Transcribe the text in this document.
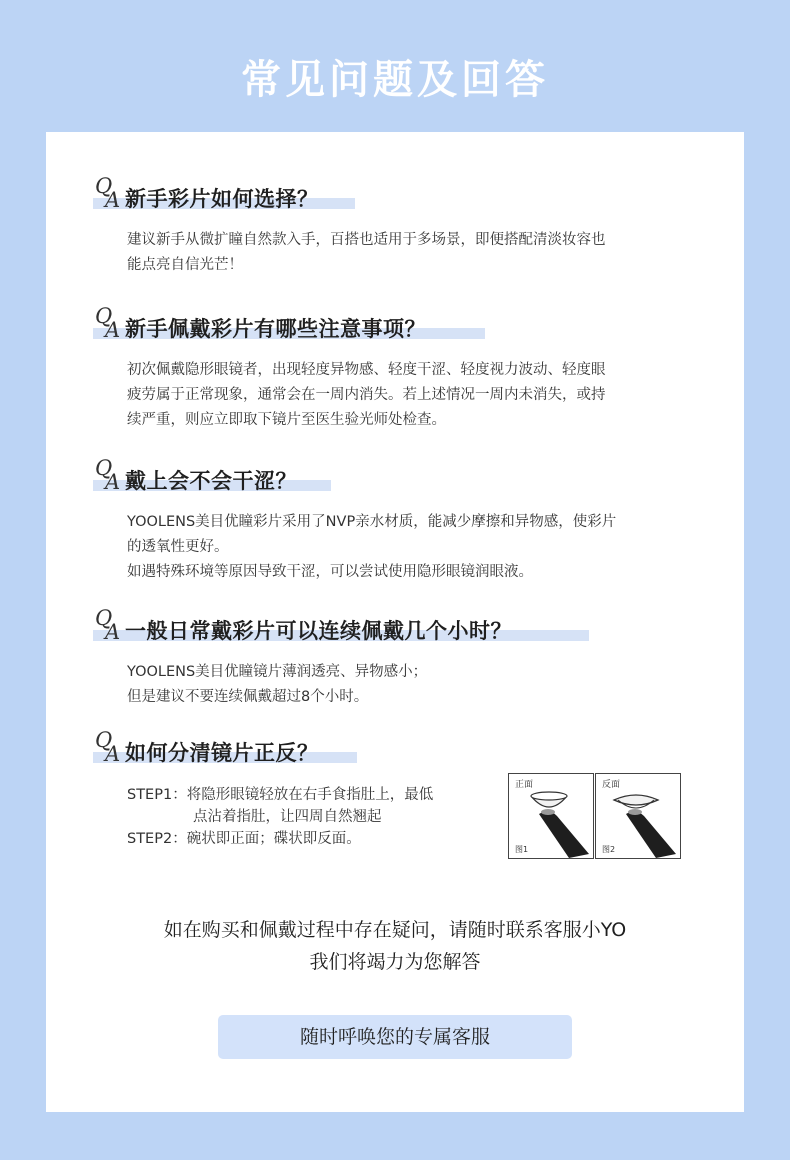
常见问题及回答
Q
A 新手彩片如何选择？

建议新手从微扩瞳自然款入手，百搭也适用于多场景，即便搭配清淡妆容也

能点亮自信光芒！

Q
A 新手佩戴彩片有哪些注意事项？

初次佩戴隐形眼镜者，出现轻度异物感、轻度干涩、轻度视力波动、轻度眼

疲劳属于正常现象，通常会在一周内消失。若上述情况一周内未消失，或持

续严重，则应立即取下镜片至医生验光师处检查。

Q
A 戴上会不会干涩？

YOOLENS美目优瞳彩片采用了NVP亲水材质，能减少摩擦和异物感，使彩片

的透氧性更好。

如遇特殊环境等原因导致干涩，可以尝试使用隐形眼镜润眼液。

Q
A 一般日常戴彩片可以连续佩戴几个小时？

YOOLENS美目优瞳镜片薄润透亮、异物感小；

但是建议不要连续佩戴超过8个小时。

Q
A 如何分清镜片正反？
STEP1：将隐形眼镜轻放在右手食指肚上，最低
点沾着指肚，让四周自然翘起
STEP2：碗状即正面；碟状即反面。
正面
图1
反面
图2
如在购买和佩戴过程中存在疑问，请随时联系客服小YO
我们将竭力为您解答
随时呼唤您的专属客服
